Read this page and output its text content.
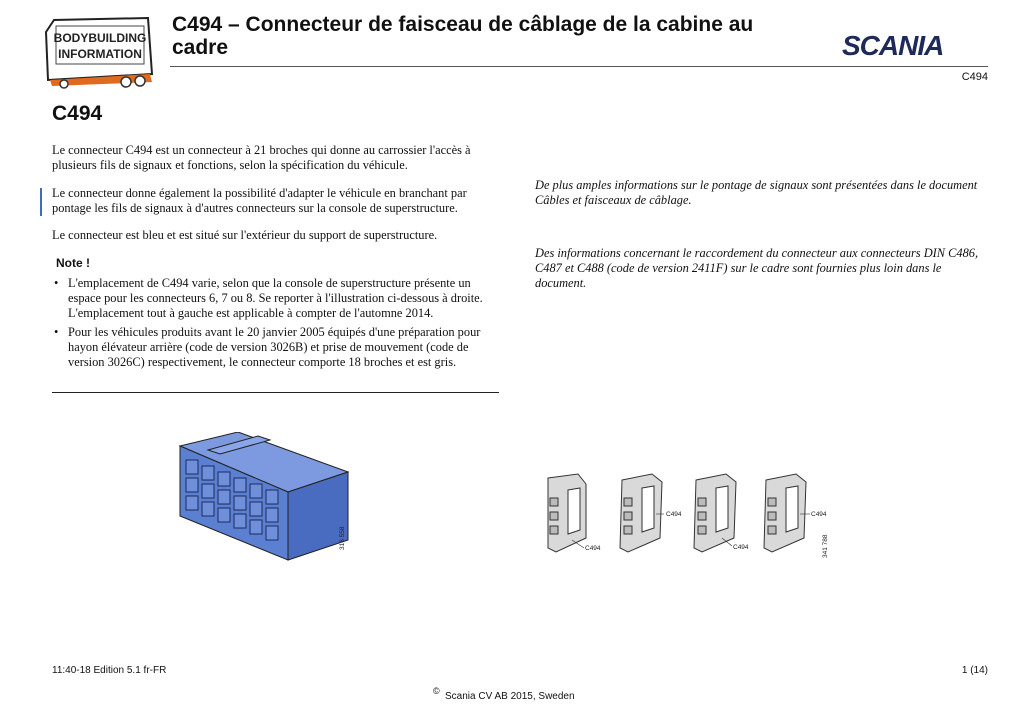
BODYBUILDING
INFORMATION
C494 – Connecteur de faisceau de câblage de la cabine au cadre	SCANIA
C494
C494
Le connecteur C494 est un connecteur à 21 broches qui donne au carrossier l'accès à plusieurs fils de signaux et fonctions, selon la spécification du véhicule.
Le connecteur donne également la possibilité d'adapter le véhicule en branchant par pontage les fils de signaux à d'autres connecteurs sur la console de superstructure.
Le connecteur est bleu et est situé sur l'extérieur du support de superstructure.
Note !
• L'emplacement de C494 varie, selon que la console de superstructure présente un espace pour les connecteurs 6, 7 ou 8. Se reporter à l'illustration ci-dessous à droite. L'emplacement tout à gauche est applicable à compter de l'automne 2014.
• Pour les véhicules produits avant le 20 janvier 2005 équipés d'une préparation pour hayon élévateur arrière (code de version 3026B) et prise de mouvement (code de version 3026C) respectivement, le connecteur comporte 18 broches et est gris.
De plus amples informations sur le pontage de signaux sont présentées dans le document Câbles et faisceaux de câblage.
Des informations concernant le raccordement du connecteur aux connecteurs DIN C486, C487 et C488 (code de version 2411F) sur le cadre sont fournies plus loin dans le document.
316 558	C494
C494
C494
C494
341 788
11:40-18 Edition 5.1 fr-FR	1 (14)
© Scania CV AB 2015, Sweden
